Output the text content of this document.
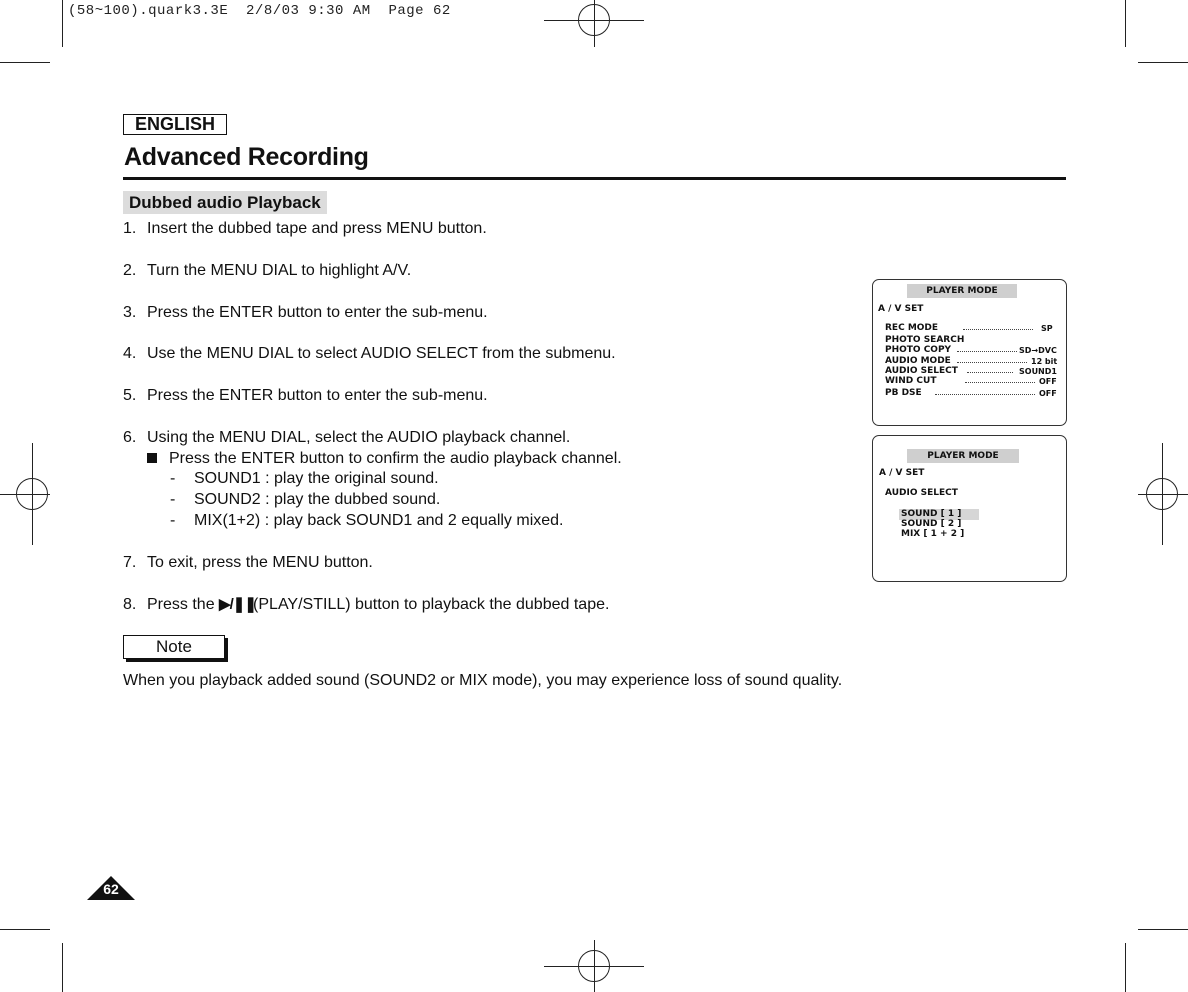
(58~100).quark3.3E  2/8/03 9:30 AM  Page 62
ENGLISH
Advanced Recording
Dubbed audio Playback
1. Insert the dubbed tape and press MENU button.
2. Turn the MENU DIAL to highlight A/V.
3. Press the ENTER button to enter the sub-menu.
4. Use the MENU DIAL to select AUDIO SELECT from the submenu.
5. Press the ENTER button to enter the sub-menu.
6. Using the MENU DIAL, select the AUDIO playback channel.
Press the ENTER button to confirm the audio playback channel.
- SOUND1 : play the original sound.
- SOUND2 : play the dubbed sound.
- MIX(1+2) : play back SOUND1 and 2 equally mixed.
7. To exit, press the MENU button.
8. Press the ▶/❚❚(PLAY/STILL) button to playback the dubbed tape.
Note
When you playback added sound (SOUND2 or MIX mode), you may experience loss of sound quality.
62
PLAYER MODE
A / V SET
REC MODE	SP
PHOTO SEARCH
PHOTO COPY	SD→DVC
AUDIO MODE	12 bit
AUDIO SELECT	SOUND1
WIND CUT	OFF
PB DSE	OFF
PLAYER MODE
A / V SET
AUDIO SELECT
SOUND [ 1 ]
SOUND [ 2 ]
MIX [ 1 + 2 ]
